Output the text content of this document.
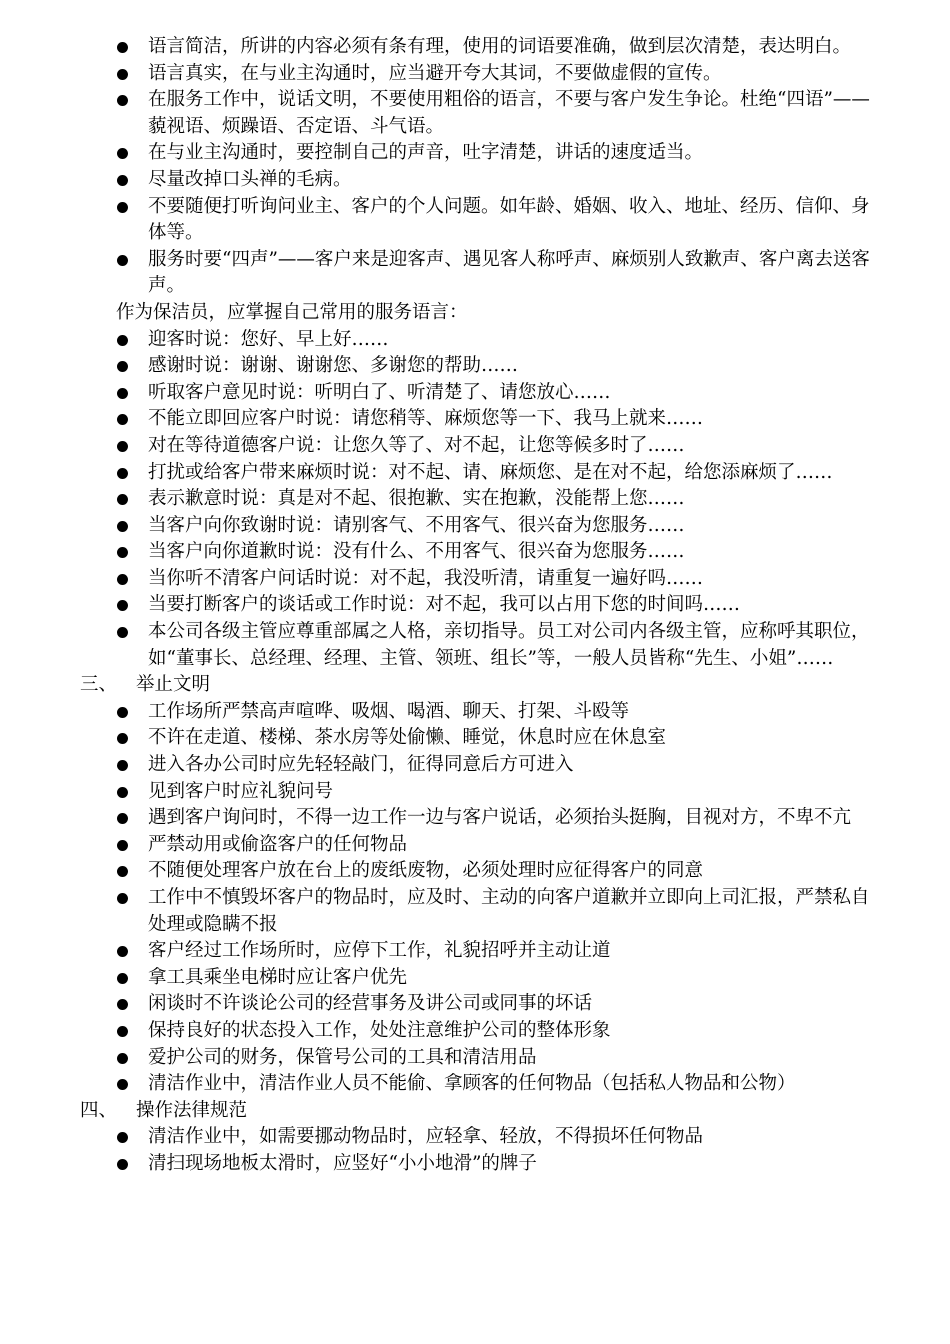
语言简洁，所讲的内容必须有条有理，使用的词语要准确，做到层次清楚，表达明白。
语言真实，在与业主沟通时，应当避开夸大其词，不要做虚假的宣传。
在服务工作中，说话文明，不要使用粗俗的语言，不要与客户发生争论。杜绝“四语”——藐视语、烦躁语、否定语、斗气语。
在与业主沟通时，要控制自己的声音，吐字清楚，讲话的速度适当。
尽量改掉口头禅的毛病。
不要随便打听询问业主、客户的个人问题。如年龄、婚姻、收入、地址、经历、信仰、身体等。
服务时要“四声”——客户来是迎客声、遇见客人称呼声、麻烦别人致歉声、客户离去送客声。
作为保洁员，应掌握自己常用的服务语言：
迎客时说：您好、早上好……
感谢时说：谢谢、谢谢您、多谢您的帮助……
听取客户意见时说：听明白了、听清楚了、请您放心……
不能立即回应客户时说：请您稍等、麻烦您等一下、我马上就来……
对在等待道德客户说：让您久等了、对不起，让您等候多时了……
打扰或给客户带来麻烦时说：对不起、请、麻烦您、是在对不起，给您添麻烦了……
表示歉意时说：真是对不起、很抱歉、实在抱歉，没能帮上您……
当客户向你致谢时说：请别客气、不用客气、很兴奋为您服务……
当客户向你道歉时说：没有什么、不用客气、很兴奋为您服务……
当你听不清客户问话时说：对不起，我没听清，请重复一遍好吗……
当要打断客户的谈话或工作时说：对不起，我可以占用下您的时间吗……
本公司各级主管应尊重部属之人格，亲切指导。员工对公司内各级主管，应称呼其职位，如“董事长、总经理、经理、主管、领班、组长”等，一般人员皆称“先生、小姐”……
三、 举止文明
工作场所严禁高声喧哗、吸烟、喝酒、聊天、打架、斗殴等
不许在走道、楼梯、茶水房等处偷懒、睡觉，休息时应在休息室
进入各办公司时应先轻轻敲门，征得同意后方可进入
见到客户时应礼貌问号
遇到客户询问时，不得一边工作一边与客户说话，必须抬头挺胸，目视对方，不卑不亢
严禁动用或偷盗客户的任何物品
不随便处理客户放在台上的废纸废物，必须处理时应征得客户的同意
工作中不慎毁坏客户的物品时，应及时、主动的向客户道歉并立即向上司汇报，严禁私自处理或隐瞒不报
客户经过工作场所时，应停下工作，礼貌招呼并主动让道
拿工具乘坐电梯时应让客户优先
闲谈时不许谈论公司的经营事务及讲公司或同事的坏话
保持良好的状态投入工作，处处注意维护公司的整体形象
爱护公司的财务，保管号公司的工具和清洁用品
清洁作业中，清洁作业人员不能偷、拿顾客的任何物品（包括私人物品和公物）
四、 操作法律规范
清洁作业中，如需要挪动物品时，应轻拿、轻放，不得损坏任何物品
清扫现场地板太滑时，应竖好“小小地滑”的牌子
